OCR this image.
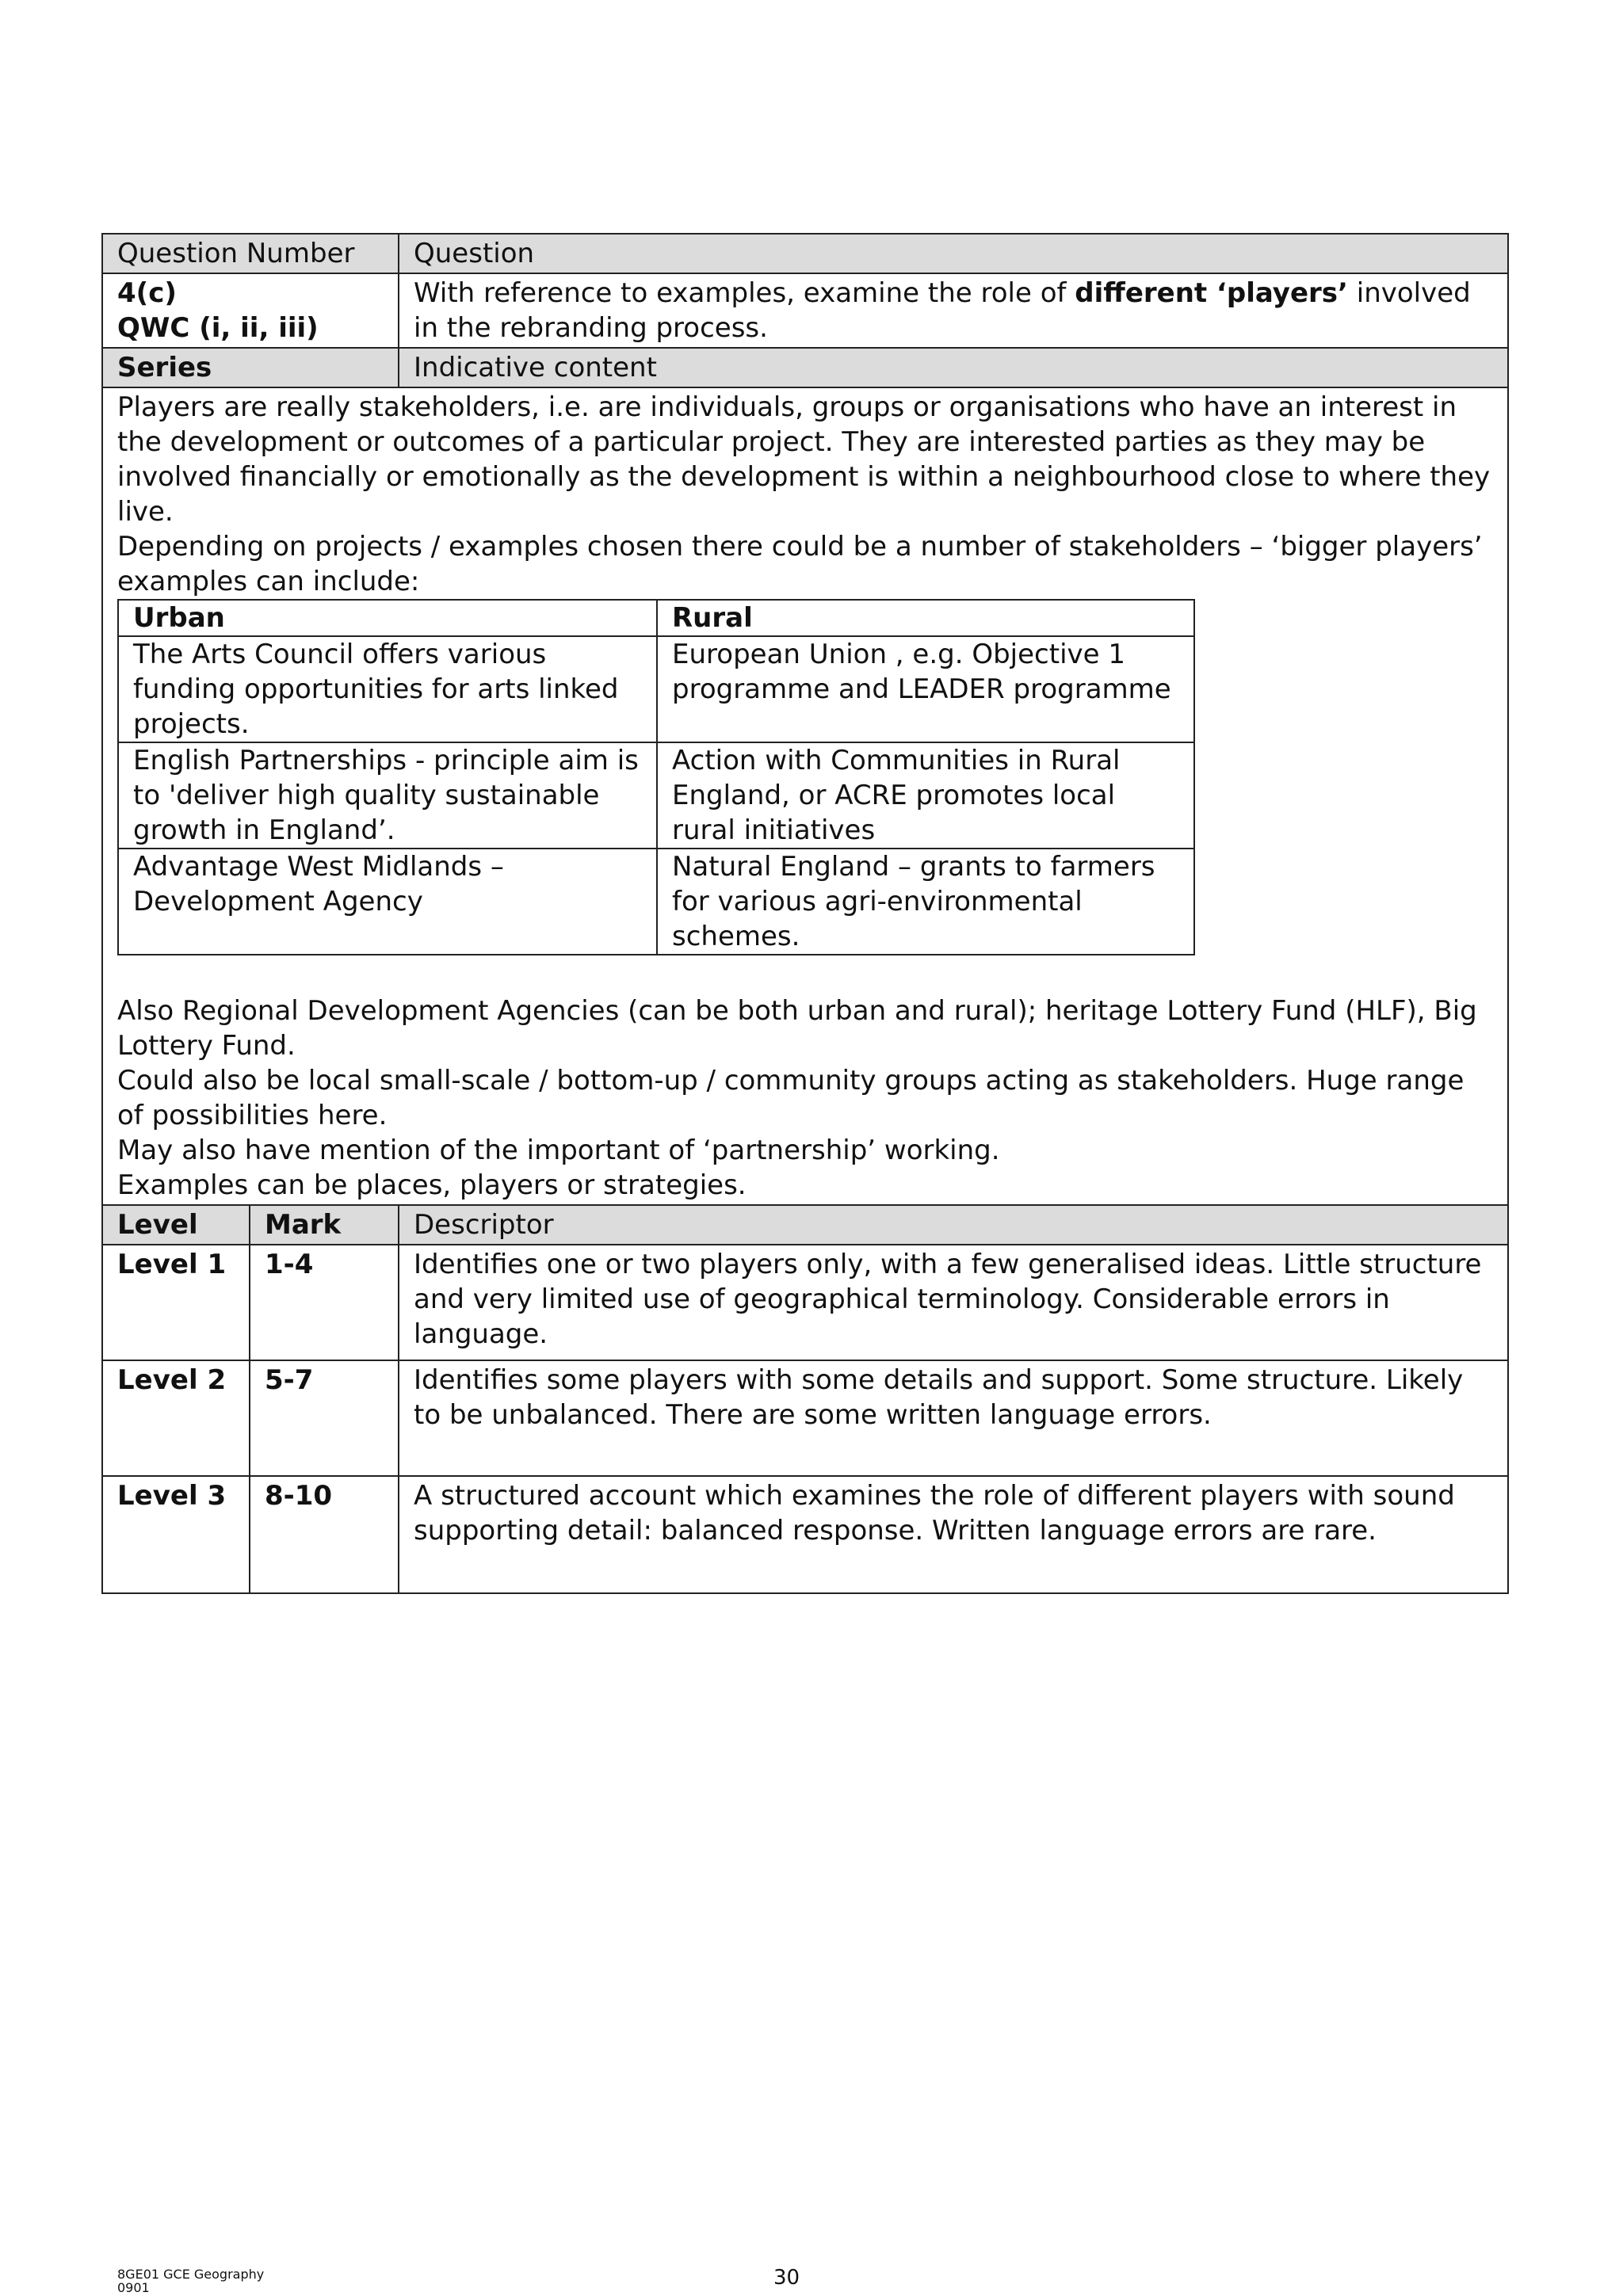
Question Number	Question

4(c)
QWC (i, ii, iii)
	With reference to examples, examine the role of different ‘players’ involved in the rebranding process.
Series	Indicative content

Players are really stakeholders, i.e. are individuals, groups or organisations who have an interest in the development or outcomes of a particular project. They are interested parties as they may be involved financially or emotionally as the development is within a neighbourhood close to where they live.
Depending on projects / examples chosen there could be a number of stakeholders – ‘bigger players’ examples can include:
Urban	Rural
The Arts Council offers various funding opportunities for arts linked projects.	European Union , e.g. Objective 1 programme and LEADER programme
English Partnerships - principle aim is to 'deliver high quality sustainable growth in England’.	Action with Communities in Rural England, or ACRE promotes local rural initiatives
Advantage West Midlands – Development Agency	Natural England – grants to farmers for various agri-environmental schemes.
Also Regional Development Agencies (can be both urban and rural); heritage Lottery Fund (HLF), Big Lottery Fund.
Could also be local small-scale / bottom-up / community groups acting as stakeholders. Huge range of possibilities here.
May also have mention of the important of ‘partnership’ working.
Examples can be places, players or strategies.

Level	Mark	Descriptor
Level 1	1-4	Identifies one or two players only, with a few generalised ideas. Little structure and very limited use of geographical terminology. Considerable errors in language.
Level 2	5-7	Identifies some players with some details and support. Some structure. Likely to be unbalanced. There are some written language errors.
Level 3	8-10	A structured account which examines the role of different players with sound supporting detail: balanced response. Written language errors are rare.
8GE01 GCE Geography
0901	30
